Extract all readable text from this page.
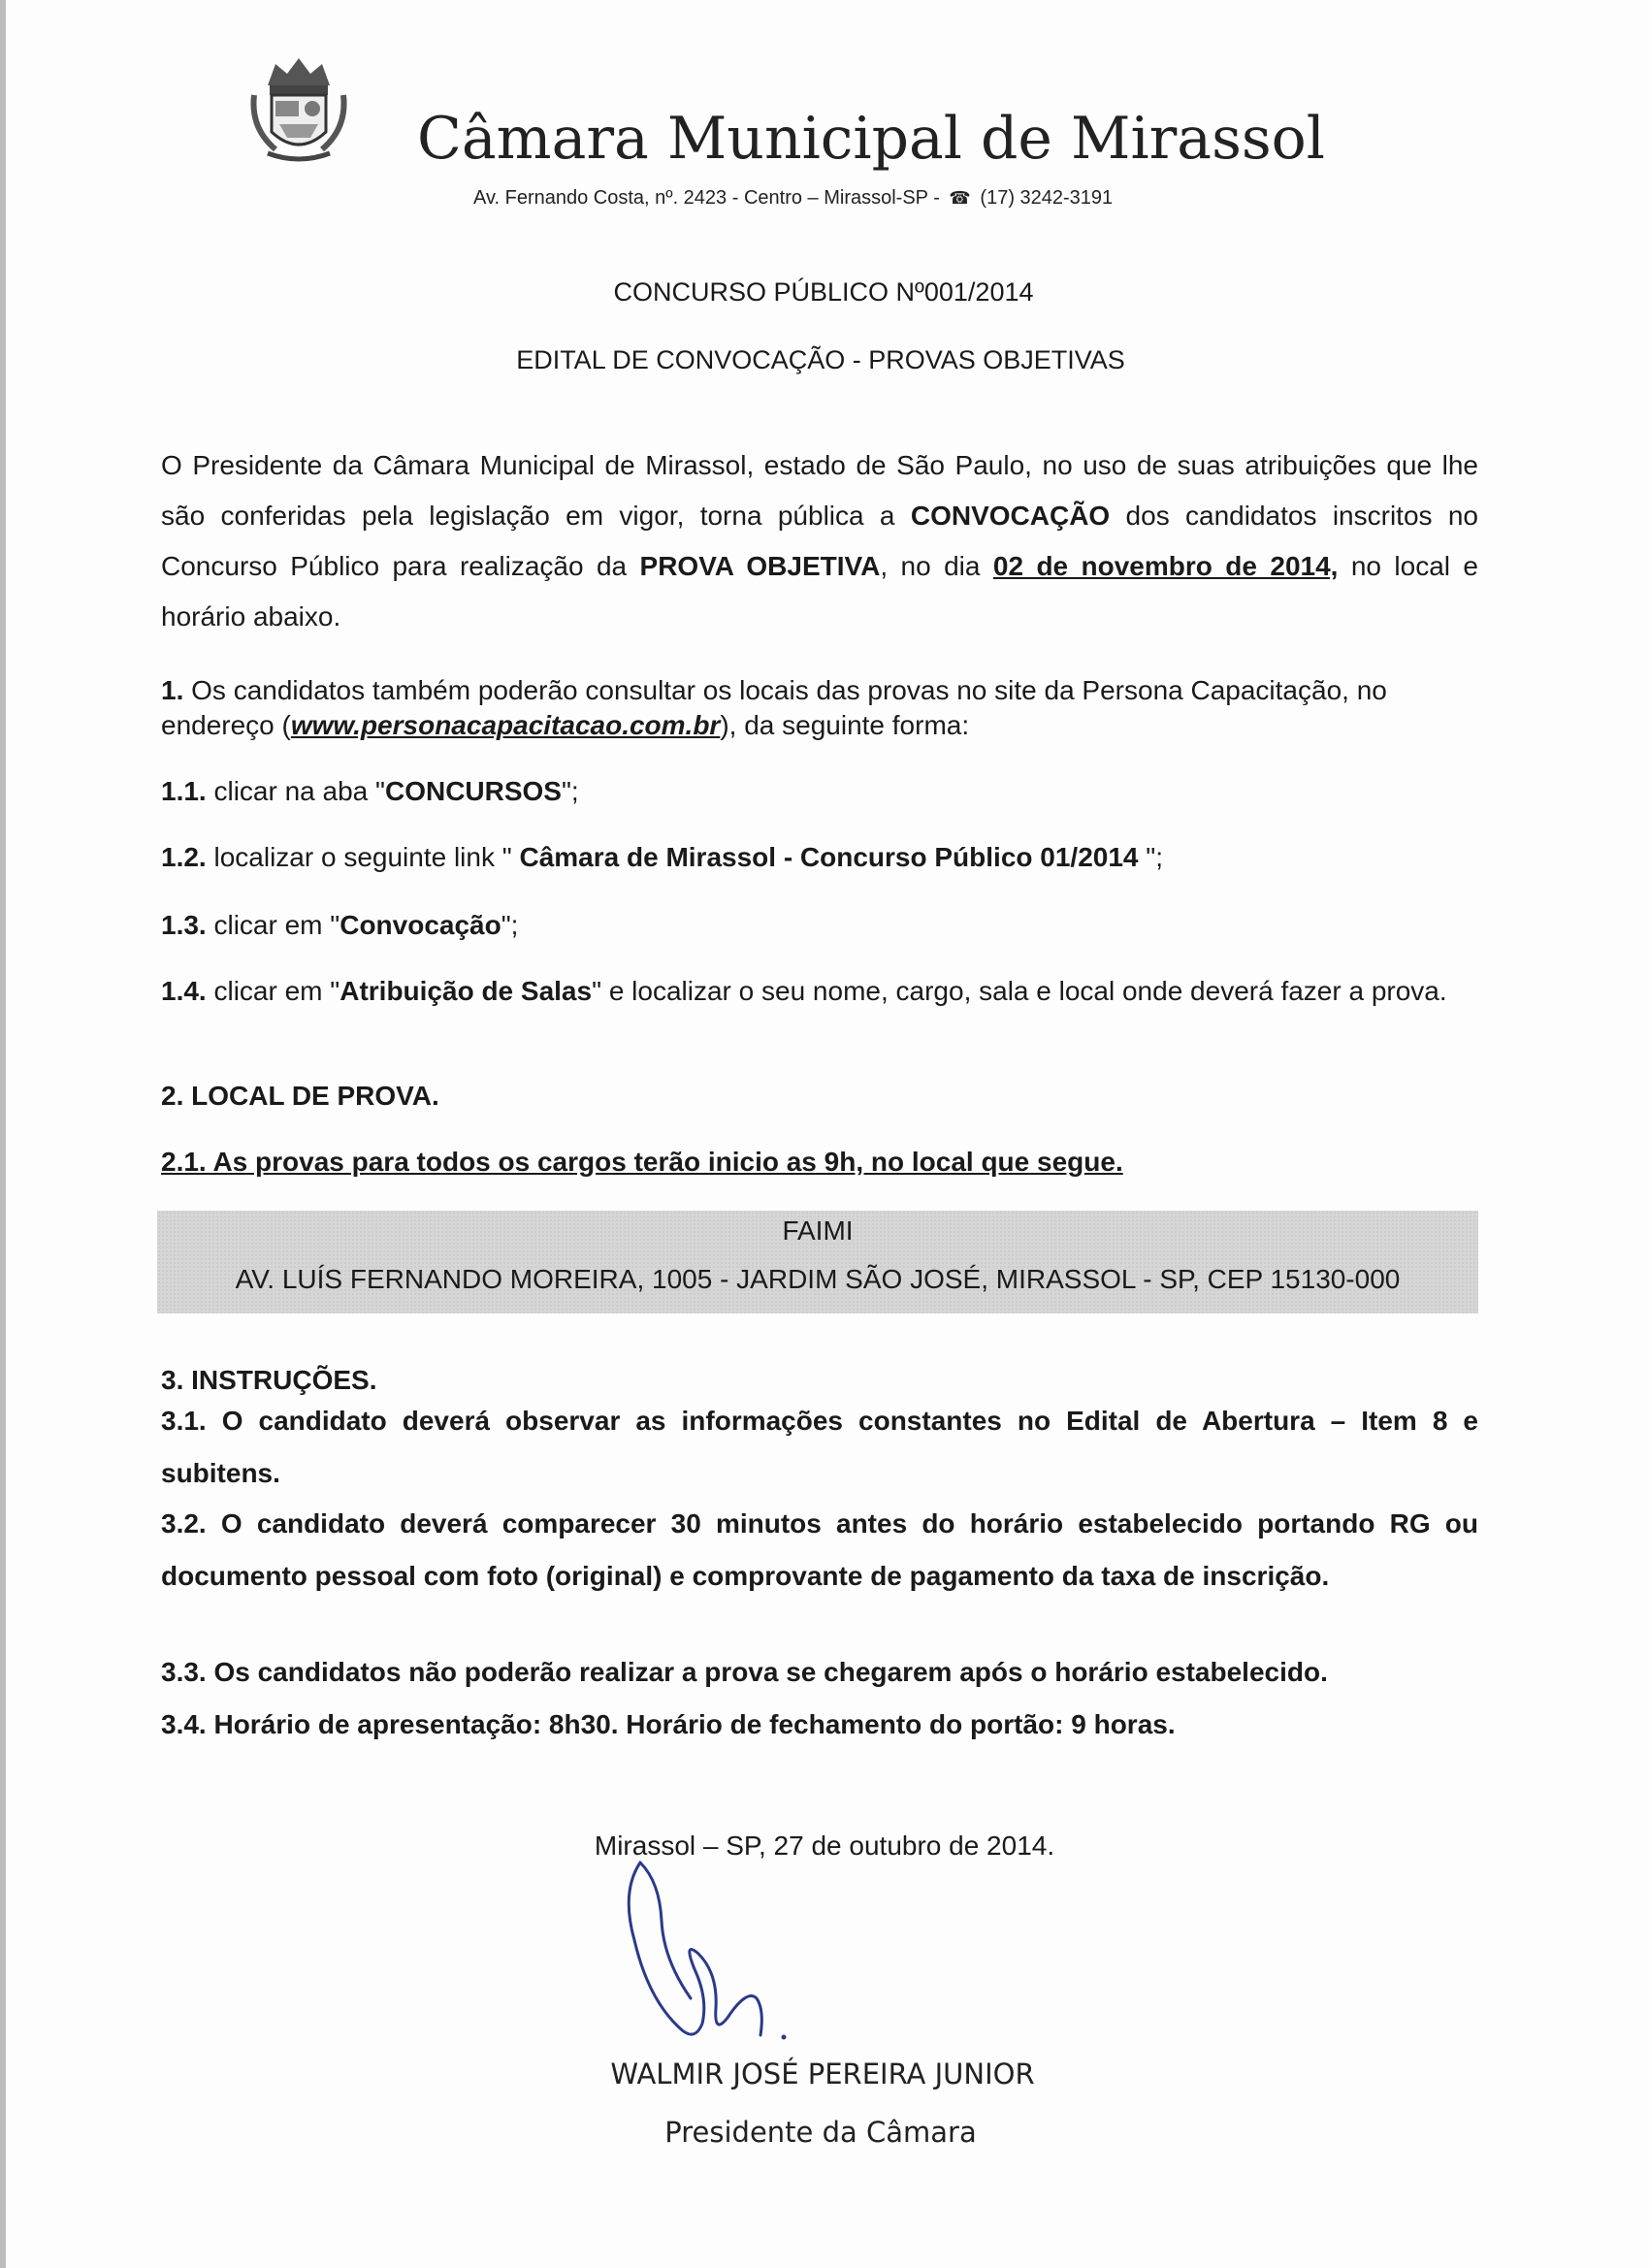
Câmara Municipal de Mirassol
Av. Fernando Costa, nº. 2423 - Centro – Mirassol-SP - ☎ (17) 3242-3191
CONCURSO PÚBLICO Nº001/2014
EDITAL DE CONVOCAÇÃO - PROVAS OBJETIVAS
O Presidente da Câmara Municipal de Mirassol, estado de São Paulo, no uso de suas atribuições que lhe são conferidas pela legislação em vigor, torna pública a CONVOCAÇÃO dos candidatos inscritos no Concurso Público para realização da PROVA OBJETIVA, no dia 02 de novembro de 2014, no local e horário abaixo.
1. Os candidatos também poderão consultar os locais das provas no site da Persona Capacitação, no endereço (www.personacapacitacao.com.br), da seguinte forma:
1.1. clicar na aba "CONCURSOS";
1.2. localizar o seguinte link " Câmara de Mirassol - Concurso Público 01/2014 ";
1.3. clicar em "Convocação";
1.4. clicar em "Atribuição de Salas" e localizar o seu nome, cargo, sala e local onde deverá fazer a prova.
2. LOCAL DE PROVA.
2.1. As provas para todos os cargos terão inicio as 9h, no local que segue.
FAIMI
AV. LUÍS FERNANDO MOREIRA, 1005 - JARDIM SÃO JOSÉ, MIRASSOL - SP, CEP 15130-000
3. INSTRUÇÕES.
3.1. O candidato deverá observar as informações constantes no Edital de Abertura – Item 8 e subitens.
3.2. O candidato deverá comparecer 30 minutos antes do horário estabelecido portando RG ou documento pessoal com foto (original) e comprovante de pagamento da taxa de inscrição.
3.3. Os candidatos não poderão realizar a prova se chegarem após o horário estabelecido.
3.4. Horário de apresentação: 8h30. Horário de fechamento do portão: 9 horas.
Mirassol – SP, 27 de outubro de 2014.
WALMIR JOSÉ PEREIRA JUNIOR
Presidente da Câmara
